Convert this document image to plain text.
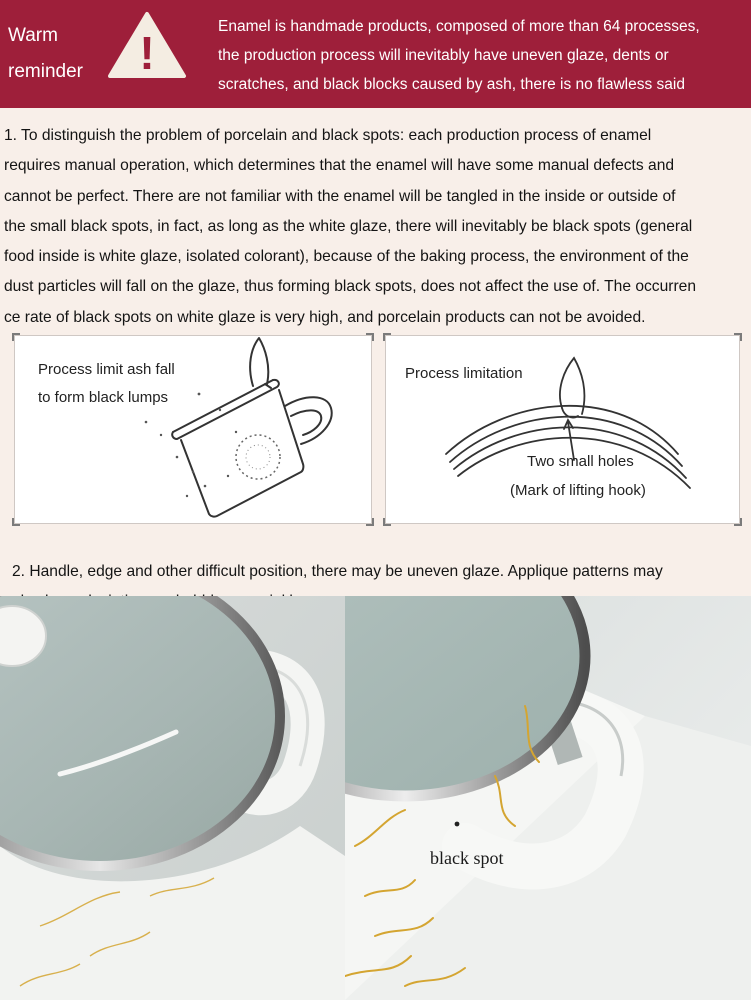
Warm
reminder	!
Enamel is handmade products, composed of more than 64 processes,
the production process will inevitably have uneven glaze, dents or
scratches, and black blocks caused by ash, there is no flawless said
1. To distinguish the problem of porcelain and black spots: each production process of enamel
requires manual operation, which determines that the enamel will have some manual defects and
cannot be perfect. There are not familiar with the enamel will be tangled in the inside or outside of
the small black spots, in fact, as long as the white glaze, there will inevitably be black spots (general
food inside is white glaze, isolated colorant), because of the baking process, the environment of the
dust particles will fall on the glaze, thus forming black spots, does not affect the use of. The occurren
ce rate of black spots on white glaze is very high, and porcelain products can not be avoided.
Process limit ash fall
to form black lumps
Process limitation
Two small holes
(Mark of lifting hook)
2. Handle, edge and other difficult position, there may be uneven glaze. Applique patterns may
black spot
